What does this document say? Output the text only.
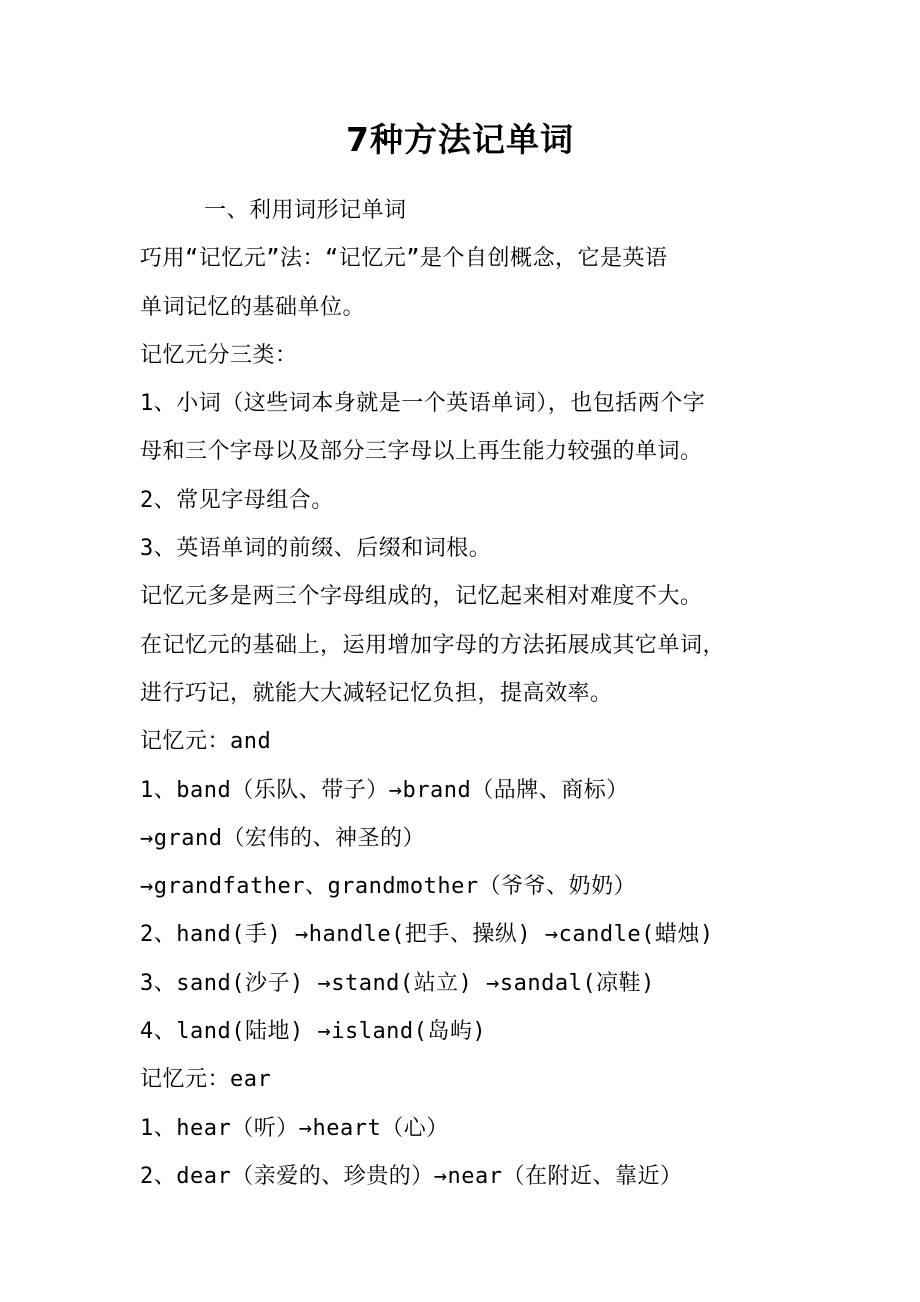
7种方法记单词
一、利用词形记单词
巧用“记忆元”法：“记忆元”是个自创概念，它是英语
单词记忆的基础单位。
记忆元分三类：
1、小词（这些词本身就是一个英语单词），也包括两个字
母和三个字母以及部分三字母以上再生能力较强的单词。
2、常见字母组合。
3、英语单词的前缀、后缀和词根。
记忆元多是两三个字母组成的，记忆起来相对难度不大。
在记忆元的基础上，运用增加字母的方法拓展成其它单词，
进行巧记，就能大大减轻记忆负担，提高效率。
记忆元：and
1、band（乐队、带子）→brand（品牌、商标）
→grand（宏伟的、神圣的）
→grandfather、grandmother（爷爷、奶奶）
2、hand(手) →handle(把手、操纵) →candle(蜡烛)
3、sand(沙子) →stand(站立) →sandal(凉鞋)
4、land(陆地) →island(岛屿)
记忆元：ear
1、hear（听）→heart（心）
2、dear（亲爱的、珍贵的）→near（在附近、靠近）
